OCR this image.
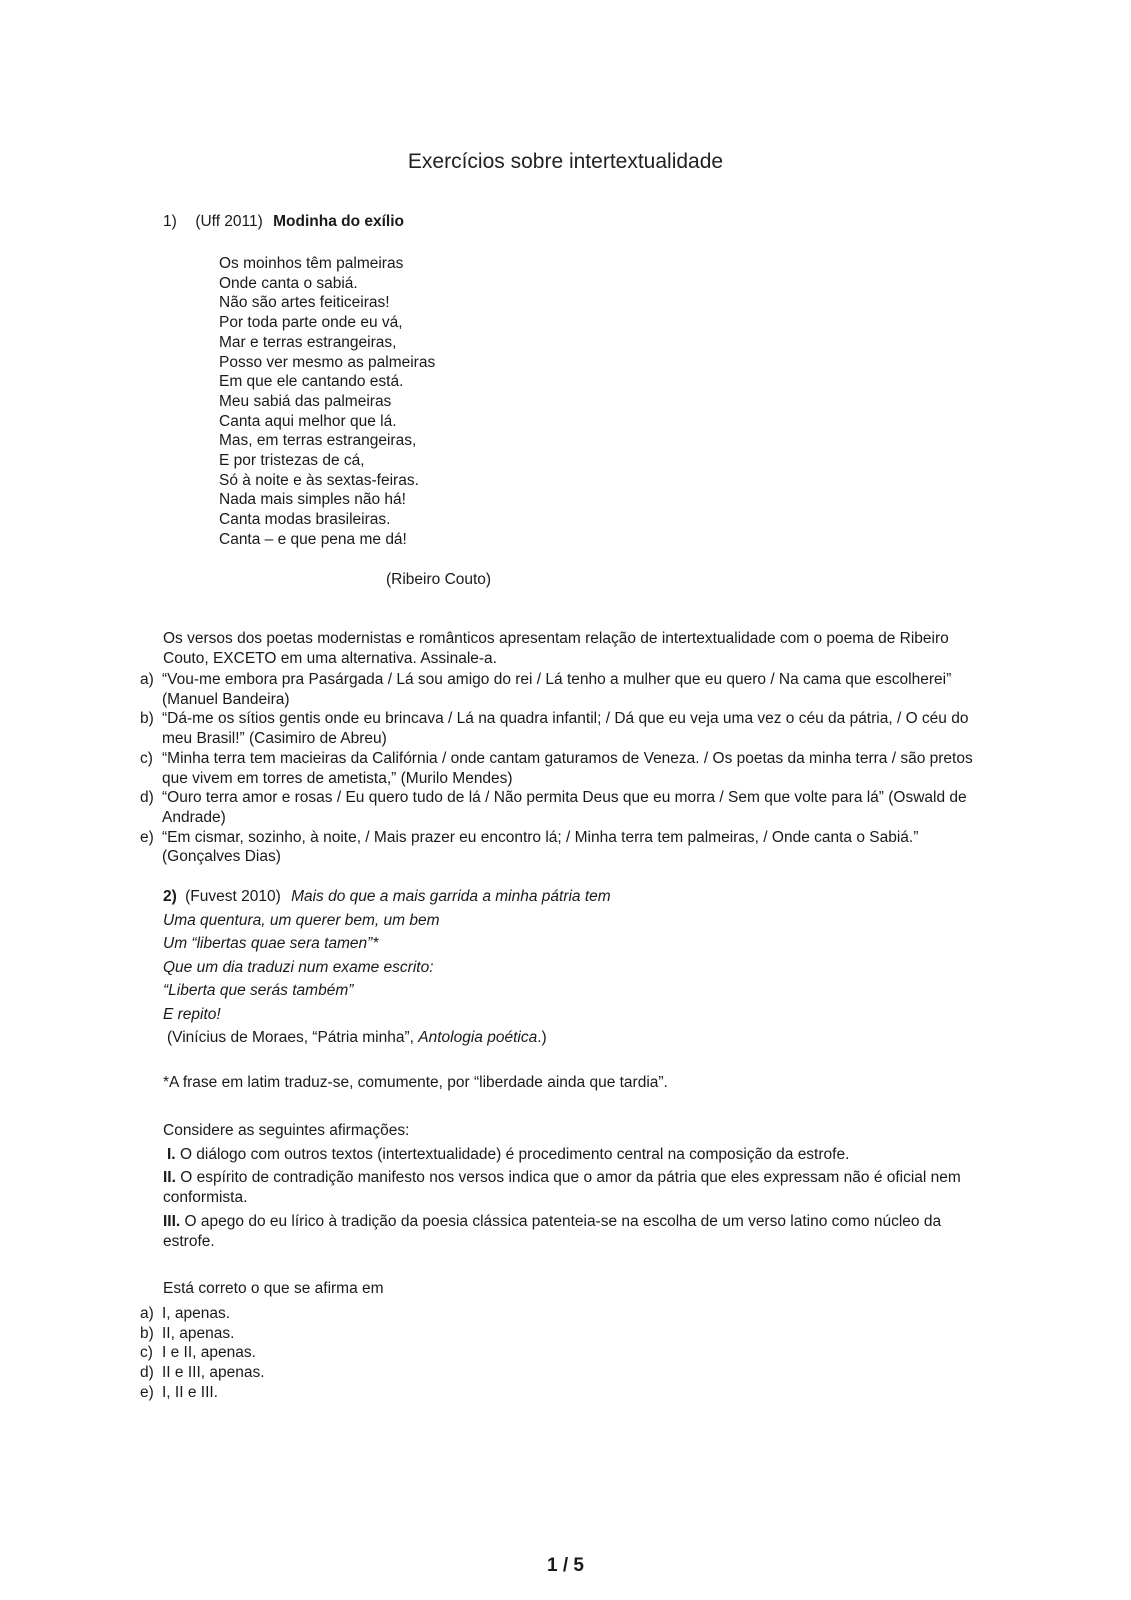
Exercícios sobre intertextualidade
1) (Uff 2011) Modinha do exílio
Os moinhos têm palmeiras
Onde canta o sabiá.
Não são artes feiticeiras!
Por toda parte onde eu vá,
Mar e terras estrangeiras,
Posso ver mesmo as palmeiras
Em que ele cantando está.
Meu sabiá das palmeiras
Canta aqui melhor que lá.
Mas, em terras estrangeiras,
E por tristezas de cá,
Só à noite e às sextas-feiras.
Nada mais simples não há!
Canta modas brasileiras.
Canta – e que pena me dá!
(Ribeiro Couto)
Os versos dos poetas modernistas e românticos apresentam relação de intertextualidade com o poema de Ribeiro Couto, EXCETO em uma alternativa. Assinale-a.
a) “Vou-me embora pra Pasárgada / Lá sou amigo do rei / Lá tenho a mulher que eu quero / Na cama que escolherei” (Manuel Bandeira)
b) “Dá-me os sítios gentis onde eu brincava / Lá na quadra infantil; / Dá que eu veja uma vez o céu da pátria, / O céu do meu Brasil!” (Casimiro de Abreu)
c) “Minha terra tem macieiras da Califórnia / onde cantam gaturamos de Veneza. / Os poetas da minha terra / são pretos que vivem em torres de ametista,” (Murilo Mendes)
d) “Ouro terra amor e rosas / Eu quero tudo de lá / Não permita Deus que eu morra / Sem que volte para lá” (Oswald de Andrade)
e) “Em cismar, sozinho, à noite, / Mais prazer eu encontro lá; / Minha terra tem palmeiras, / Onde canta o Sabiá.” (Gonçalves Dias)
2) (Fuvest 2010) Mais do que a mais garrida a minha pátria tem
Uma quentura, um querer bem, um bem
Um “libertas quae sera tamen”*
Que um dia traduzi num exame escrito:
“Liberta que serás também”
E repito!
(Vinícius de Moraes, “Pátria minha”, Antologia poética.)
*A frase em latim traduz-se, comumente, por “liberdade ainda que tardia”.
Considere as seguintes afirmações:
I. O diálogo com outros textos (intertextualidade) é procedimento central na composição da estrofe.
II. O espírito de contradição manifesto nos versos indica que o amor da pátria que eles expressam não é oficial nem conformista.
III. O apego do eu lírico à tradição da poesia clássica patenteia-se na escolha de um verso latino como núcleo da estrofe.
Está correto o que se afirma em
a) I, apenas.
b) II, apenas.
c) I e II, apenas.
d) II e III, apenas.
e) I, II e III.
1 / 5
